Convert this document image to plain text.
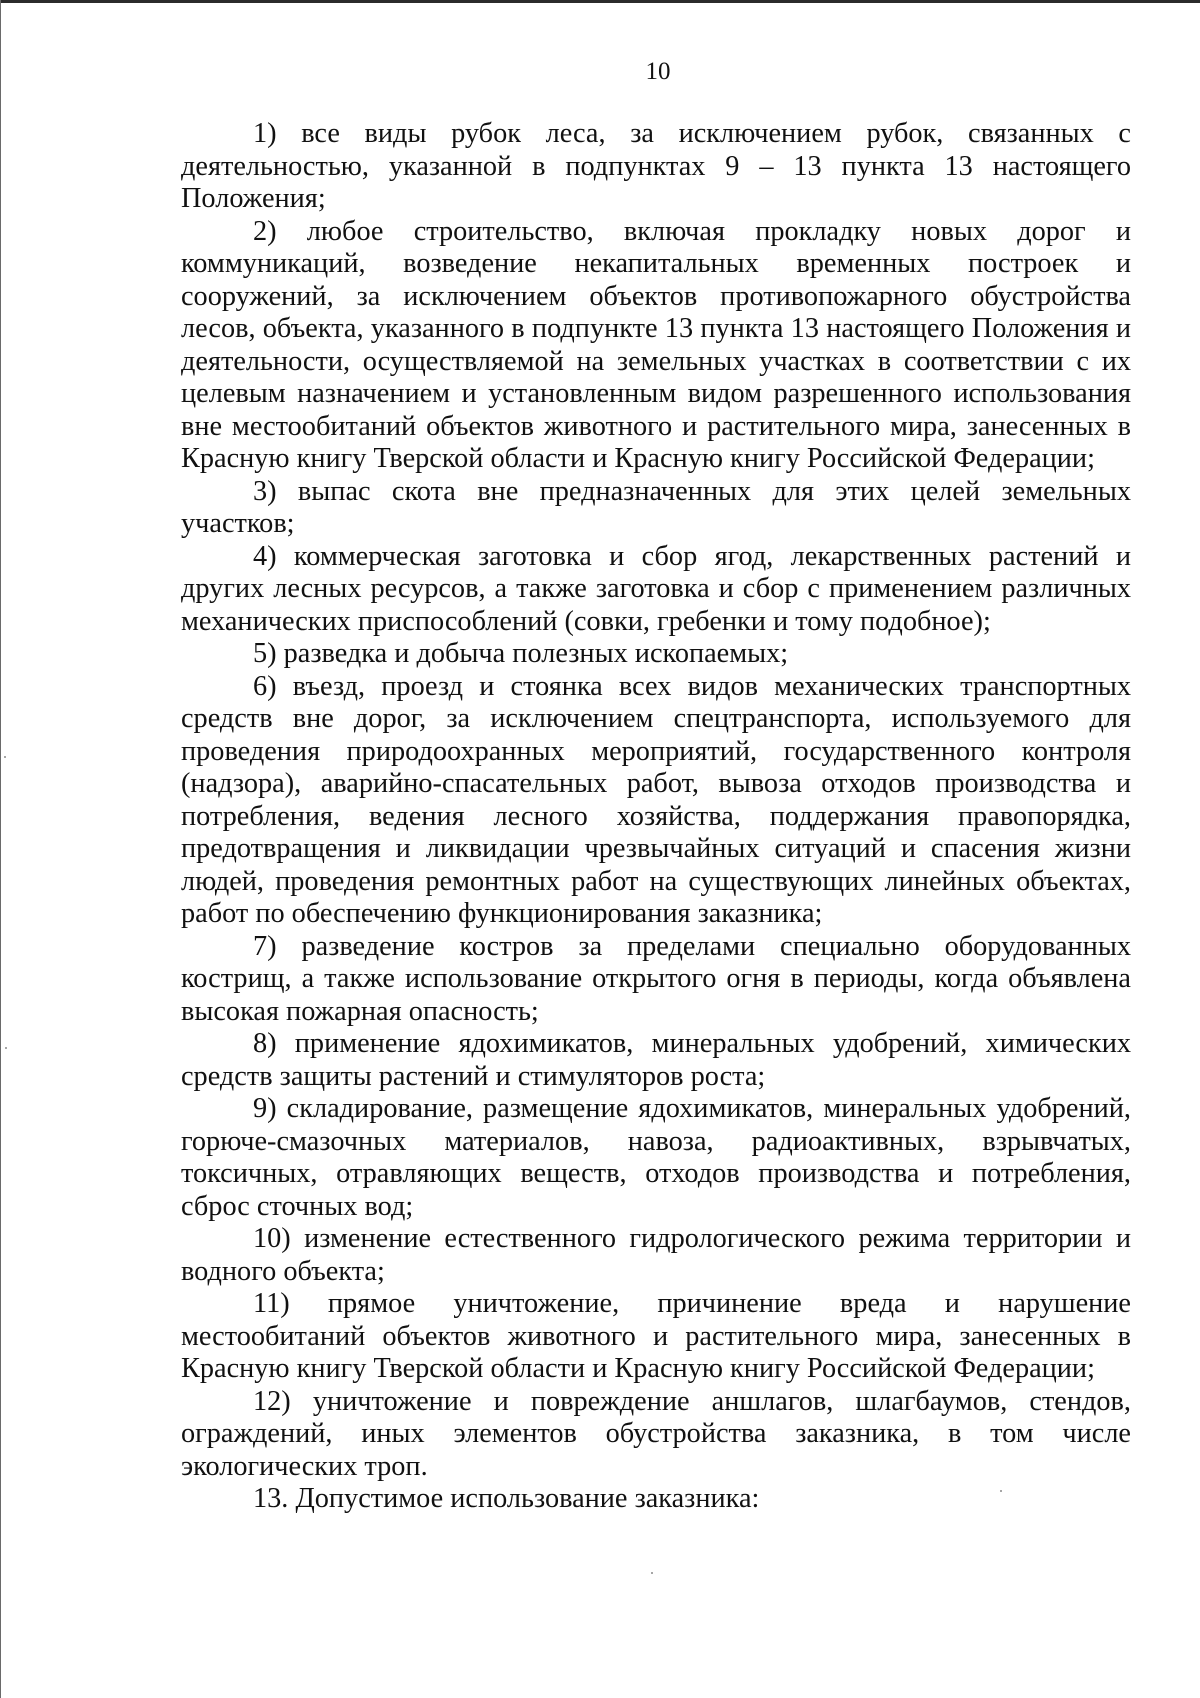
10

1) все виды рубок леса, за исключением рубок, связанных с деятельностью, указанной в подпунктах 9 – 13 пункта 13 настоящего Положения;

2) любое строительство, включая прокладку новых дорог и коммуникаций, возведение некапитальных временных построек и сооружений, за исключением объектов противопожарного обустройства лесов, объекта, указанного в подпункте 13 пункта 13 настоящего Положения и деятельности, осуществляемой на земельных участках в соответствии с их целевым назначением и установленным видом разрешенного использования вне местообитаний объектов животного и растительного мира, занесенных в Красную книгу Тверской области и Красную книгу Российской Федерации;

3) выпас скота вне предназначенных для этих целей земельных участков;

4) коммерческая заготовка и сбор ягод, лекарственных растений и других лесных ресурсов, а также заготовка и сбор с применением различных механических приспособлений (совки, гребенки и тому подобное);

5) разведка и добыча полезных ископаемых;

6) въезд, проезд и стоянка всех видов механических транспортных средств вне дорог, за исключением спецтранспорта, используемого для проведения природоохранных мероприятий, государственного контроля (надзора), аварийно-спасательных работ, вывоза отходов производства и потребления, ведения лесного хозяйства, поддержания правопорядка, предотвращения и ликвидации чрезвычайных ситуаций и спасения жизни людей, проведения ремонтных работ на существующих линейных объектах, работ по обеспечению функционирования заказника;

7) разведение костров за пределами специально оборудованных кострищ, а также использование открытого огня в периоды, когда объявлена высокая пожарная опасность;

8) применение ядохимикатов, минеральных удобрений, химических средств защиты растений и стимуляторов роста;

9) складирование, размещение ядохимикатов, минеральных удобрений, горюче-смазочных материалов, навоза, радиоактивных, взрывчатых, токсичных, отравляющих веществ, отходов производства и потребления, сброс сточных вод;

10) изменение естественного гидрологического режима территории и водного объекта;

11) прямое уничтожение, причинение вреда и нарушение местообитаний объектов животного и растительного мира, занесенных в Красную книгу Тверской области и Красную книгу Российской Федерации;

12) уничтожение и повреждение аншлагов, шлагбаумов, стендов, ограждений, иных элементов обустройства заказника, в том числе экологических троп.

13. Допустимое использование заказника:
